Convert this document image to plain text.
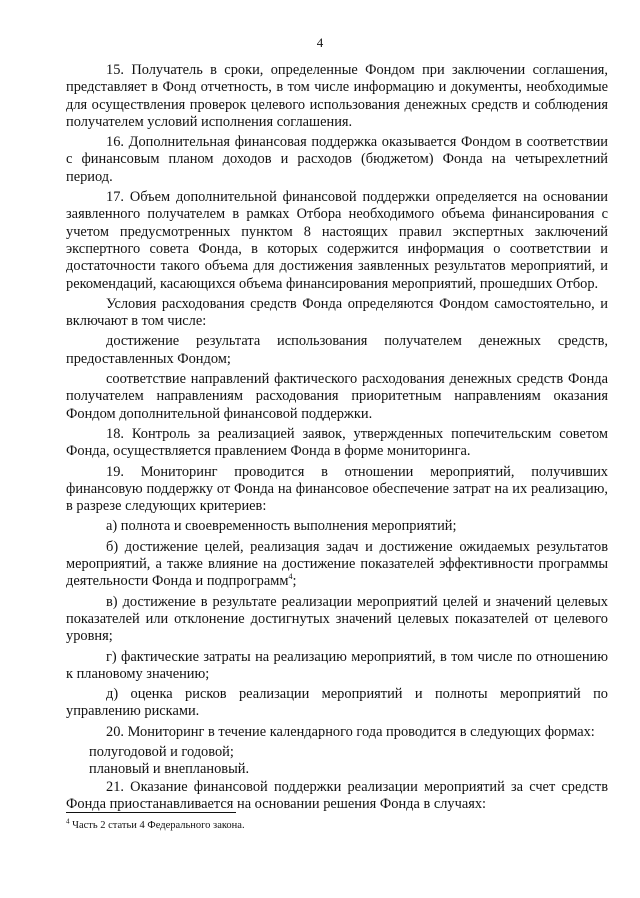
4

15. Получатель в сроки, определенные Фондом при заключении соглашения, представляет в Фонд отчетность, в том числе информацию и документы, необходимые для осуществления проверок целевого использования денежных средств и соблюдения получателем условий исполнения соглашения.

16. Дополнительная финансовая поддержка оказывается Фондом в соответствии с финансовым планом доходов и расходов (бюджетом) Фонда на четырехлетний период.

17. Объем дополнительной финансовой поддержки определяется на основании заявленного получателем в рамках Отбора необходимого объема финансирования с учетом предусмотренных пунктом 8 настоящих правил экспертных заключений экспертного совета Фонда, в которых содержится информация о соответствии и достаточности такого объема для достижения заявленных результатов мероприятий, и рекомендаций, касающихся объема финансирования мероприятий, прошедших Отбор.

Условия расходования средств Фонда определяются Фондом самостоятельно, и включают в том числе:

достижение результата использования получателем денежных средств, предоставленных Фондом;

соответствие направлений фактического расходования денежных средств Фонда получателем направлениям расходования приоритетным направлениям оказания Фондом дополнительной финансовой поддержки.

18. Контроль за реализацией заявок, утвержденных попечительским советом Фонда, осуществляется правлением Фонда в форме мониторинга.

19. Мониторинг проводится в отношении мероприятий, получивших финансовую поддержку от Фонда на финансовое обеспечение затрат на их реализацию, в разрезе следующих критериев:

а) полнота и своевременность выполнения мероприятий;

б) достижение целей, реализация задач и достижение ожидаемых результатов мероприятий, а также влияние на достижение показателей эффективности программы деятельности Фонда и подпрограмм$^4$;

в) достижение в результате реализации мероприятий целей и значений целевых показателей или отклонение достигнутых значений целевых показателей от целевого уровня;

г) фактические затраты на реализацию мероприятий, в том числе по отношению к плановому значению;

д) оценка рисков реализации мероприятий и полноты мероприятий по управлению рисками.

20. Мониторинг в течение календарного года проводится в следующих формах:

полугодовой и годовой;

плановый и внеплановый.

21. Оказание финансовой поддержки реализации мероприятий за счет средств Фонда приостанавливается на основании решения Фонда в случаях:

$^4$ Часть 2 статьи 4 Федерального закона.
